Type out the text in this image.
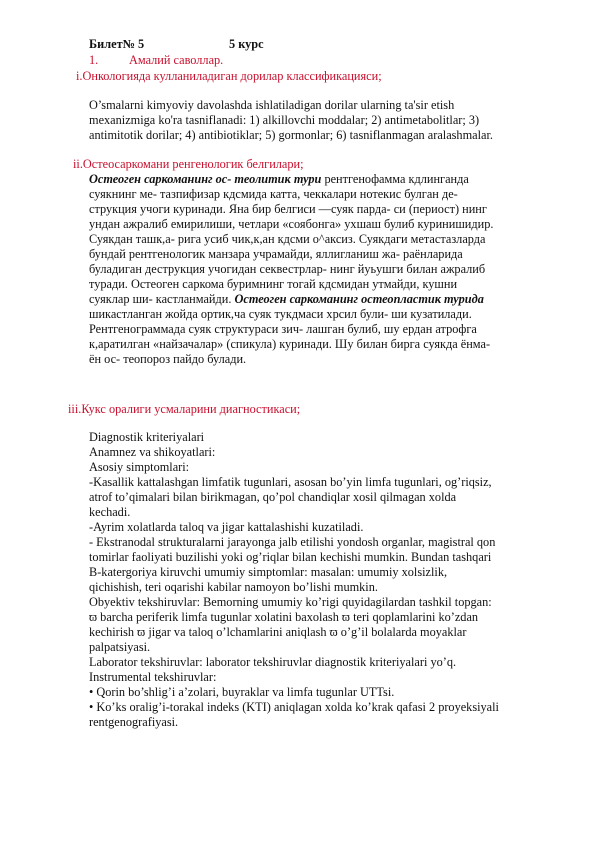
Билет№ 5	5 курс
1.	Амалий саволлар.
i.Онкологияда кулланиладиган дорилар классификацияси;
O’smalarni kimyoviy davolashda ishlatiladigan dorilar ularning ta'sir etish
mexanizmiga ko'ra tasniflanadi: 1) alkillovchi moddalar; 2) antimetabolitlar; 3)
antimitotik dorilar; 4) antibiotiklar; 5) gormonlar; 6) tasniflanmagan aralashmalar.
ii.Остеосаркомани ренгенологик белгилари;
Остеоген саркоманинг ос- теолитик тури рентгенофамма кдлинганда
суякнинг ме- тазпифизар кдсмида катта, чеккалари нотекис булган де-
струкция учоги куринади. Яна бир белгиси —суяк парда- си (периост) нинг
ундан ажралиб емирилиши, четлари «соябонга» ухшаш булиб куринишидир.
Суякдан ташк,а- рига усиб чик,к,ан кдсми о^аксиз. Суякдаги метастазларда
бундай рентгенологик манзара учрамайди, яллигланиш жа- раёнларида
буладиган деструкция учогидан секвестрлар- нинг йуьушги билан ажралиб
туради. Остеоген саркома буримнинг тогай кдсмидан утмайди, кушни
суяклар ши- кастланмайди. Остеоген саркоманинг остеопластик турида
шикастланган жойда ортик,ча суяк тукдмаси хрсил були- ши кузатилади.
Рентгенограммада суяк структураси зич- лашган булиб, шу ердан атрофга
к,аратилган «найзачалар» (спикула) куринади. Шу билан бирга суякда ёнма-
ён ос- теопороз пайдо булади.
iii.Кукс оралиги усмаларини диагностикаси;
Diagnostik kriteriyalari
Anamnez va shikoyatlari:
Asosiy simptomlari:
-Kasallik kattalashgan limfatik tugunlari, asosan bo’yin limfa tugunlari, og’riqsiz,
atrof to’qimalari bilan birikmagan, qo’pol chandiqlar xosil qilmagan xolda
kechadi.
-Ayrim xolatlarda taloq va jigar kattalashishi kuzatiladi.
- Ekstranodal strukturalarni jarayonga jalb etilishi yondosh organlar, magistral qon
tomirlar faoliyati buzilishi yoki og’riqlar bilan kechishi mumkin. Bundan tashqari
B-katergoriya kiruvchi umumiy simptomlar: masalan: umumiy xolsizlik,
qichishish, teri oqarishi kabilar namoyon bo’lishi mumkin.
Obyektiv tekshiruvlar: Bemorning umumiy ko’rigi quyidagilardan tashkil topgan:
ϖ barcha periferik limfa tugunlar xolatini baxolash ϖ teri qoplamlarini ko’zdan
kechirish ϖ jigar va taloq o’lchamlarini aniqlash ϖ o’g’il bolalarda moyaklar
palpatsiyasi.
Laborator tekshiruvlar: laborator tekshiruvlar diagnostik kriteriyalari yo’q.
Instrumental tekshiruvlar:
• Qorin bo’shlig’i a’zolari, buyraklar va limfa tugunlar UTTsi.
• Ko’ks oralig’i-torakal indeks (KTI) aniqlagan xolda ko’krak qafasi 2 proyeksiyali
rentgenografiyasi.
